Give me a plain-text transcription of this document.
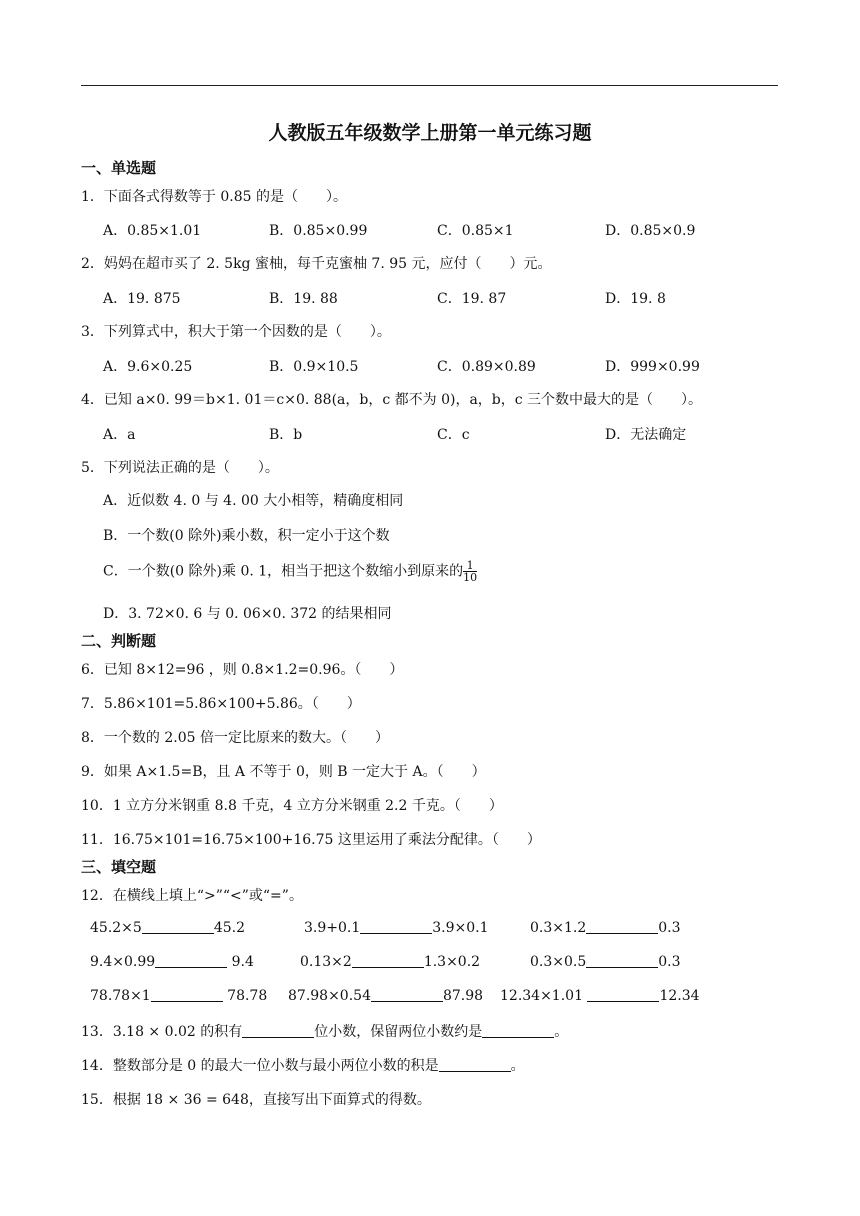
人教版五年级数学上册第一单元练习题
一、单选题
1．下面各式得数等于 0.85 的是（　　）。
A．0.85×1.01	B．0.85×0.99	C．0.85×1	D．0.85×0.9
2．妈妈在超市买了 2. 5kg 蜜柚，每千克蜜柚 7. 95 元，应付（　　）元。
A．19. 875	B．19. 88	C．19. 87	D．19. 8
3．下列算式中，积大于第一个因数的是（　　）。
A．9.6×0.25	B．0.9×10.5	C．0.89×0.89	D．999×0.99
4．已知 a×0. 99＝b×1. 01＝c×0. 88(a，b，c 都不为 0)，a，b，c 三个数中最大的是（　　）。
A．a	B．b	C．c	D．无法确定
5．下列说法正确的是（　　）。
A．近似数 4. 0 与 4. 00 大小相等，精确度相同
B．一个数(0 除外)乘小数，积一定小于这个数
C．一个数(0 除外)乘 0. 1，相当于把这个数缩小到原来的 $\frac{1}{10}$
D．3. 72×0. 6 与 0. 06×0. 372 的结果相同
二、判断题
6．已知 8×12=96 ，则 0.8×1.2=0.96。（　　）
7．5.86×101=5.86×100+5.86。（　　）
8．一个数的 2.05 倍一定比原来的数大。（　　）
9．如果 A×1.5=B，且 A 不等于 0，则 B 一定大于 A。（　　）
10．1 立方分米钢重 8.8 千克，4 立方分米钢重 2.2 千克。（　　）
11．16.75×101=16.75×100+16.75 这里运用了乘法分配律。（　　）
三、填空题
12．在横线上填上“>”“<”或“=”。
45.2×5	45.2	3.9+0.1	3.9×0.1	0.3×1.2	0.3
9.4×0.99	9.4	0.13×2	1.3×0.2	0.3×0.5	0.3
78.78×1	78.78 87.98×0.54	87.98 12.34×1.01	12.34
13．3.18 × 0.02 的积有	位小数，保留两位小数约是	。
14．整数部分是 0 的最大一位小数与最小两位小数的积是	。
15．根据 18 × 36 = 648，直接写出下面算式的得数。
